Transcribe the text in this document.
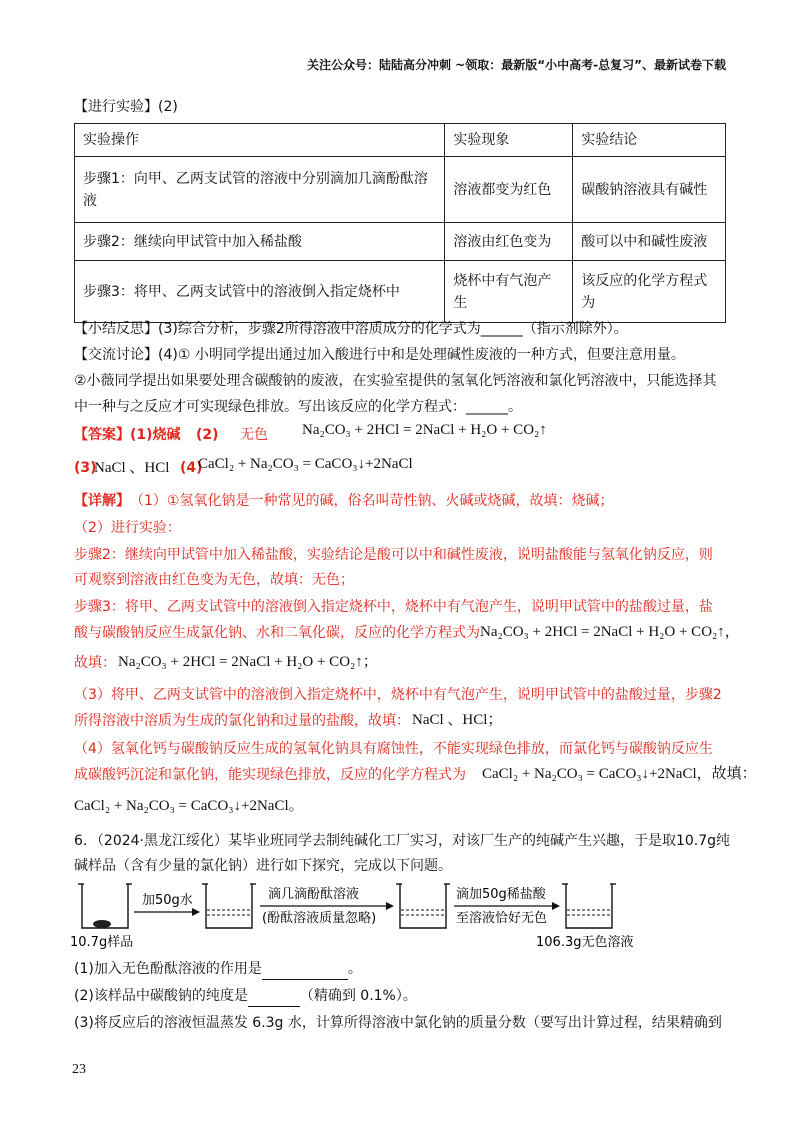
关注公众号：陆陆高分冲刺 ~领取：最新版“小中高考-总复习”、最新试卷下载
【进行实验】(2)
实验操作	实验现象	实验结论
步骤1：向甲、乙两支试管的溶液中分别滴加几滴酚酞溶液	溶液都变为红色	碳酸钠溶液具有碱性
步骤2：继续向甲试管中加入稀盐酸	溶液由红色变为	酸可以中和碱性废液
步骤3：将甲、乙两支试管中的溶液倒入指定烧杯中	烧杯中有气泡产生	该反应的化学方程式为
【小结反思】(3)综合分析，步骤2所得溶液中溶质成分的化学式为______（指示剂除外）。
【交流讨论】(4)① 小明同学提出通过加入酸进行中和是处理碱性废液的一种方式，但要注意用量。
②小薇同学提出如果要处理含碳酸钠的废液，在实验室提供的氢氧化钙溶液和氯化钙溶液中，只能选择其
中一种与之反应才可实现绿色排放。写出该反应的化学方程式：______。
【答案】 (1)烧碱 (2) 无色 Na₂CO₃ + 2HCl = 2NaCl + H₂O + CO₂↑
(3)
NaCl 、HCl (4)
CaCl₂ + Na₂CO₃ = CaCO₃↓+2NaCl
【详解】 （1）①氢氧化钠是一种常见的碱，俗名叫苛性钠、火碱或烧碱，故填：烧碱；
（2）进行实验：
步骤2：继续向甲试管中加入稀盐酸，实验结论是酸可以中和碱性废液，说明盐酸能与氢氧化钠反应，则
可观察到溶液由红色变为无色，故填：无色；
步骤3：将甲、乙两支试管中的溶液倒入指定烧杯中，烧杯中有气泡产生，说明甲试管中的盐酸过量，盐
酸与碳酸钠反应生成氯化钠、水和二氧化碳，反应的化学方程式为 Na₂CO₃ + 2HCl = 2NaCl + H₂O + CO₂↑，
故填： Na₂CO₃ + 2HCl = 2NaCl + H₂O + CO₂↑；
（3）将甲、乙两支试管中的溶液倒入指定烧杯中，烧杯中有气泡产生，说明甲试管中的盐酸过量，步骤2
所得溶液中溶质为生成的氯化钠和过量的盐酸，故填： NaCl 、HCl；
（4）氢氧化钙与碳酸钠反应生成的氢氧化钠具有腐蚀性，不能实现绿色排放，而氯化钙与碳酸钠反应生
成碳酸钙沉淀和氯化钠，能实现绿色排放，反应的化学方程式为 CaCl₂ + Na₂CO₃ = CaCO₃↓+2NaCl，故填：
CaCl₂ + Na₂CO₃ = CaCO₃↓+2NaCl。
6．（2024·黑龙江绥化）某毕业班同学去制纯碱化工厂实习，对该厂生产的纯碱产生兴趣，于是取10.7g纯
碱样品（含有少量的氯化钠）进行如下探究，完成以下问题。
加50g水	滴几滴酚酞溶液
(酚酞溶液质量忽略)
滴加50g稀盐酸
至溶液恰好无色
10.7g样品	106.3g无色溶液
(1)加入无色酚酞溶液的作用是	。
(2)该样品中碳酸钠的纯度是	（精确到 0.1%）。
(3)将反应后的溶液恒温蒸发 6.3g 水，计算所得溶液中氯化钠的质量分数（要写出计算过程，结果精确到
23
